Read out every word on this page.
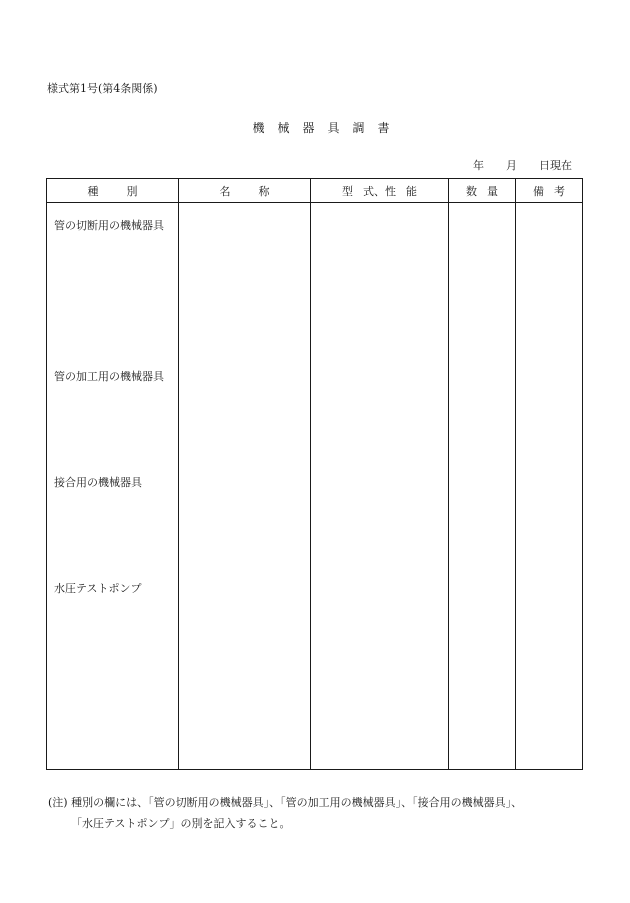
様式第1号(第4条関係)
機 械 器 具 調 書
年 月 日現在
種 別	名 称	型 式、性 能	数 量	備 考

管の切断用の機械器具
管の加工用の機械器具
接合用の機械器具
水圧テストポンプ				

(注) 種別の欄には、「管の切断用の機械器具」、「管の加工用の機械器具」、「接合用の機械器具」、
「水圧テストポンプ」の別を記入すること。
